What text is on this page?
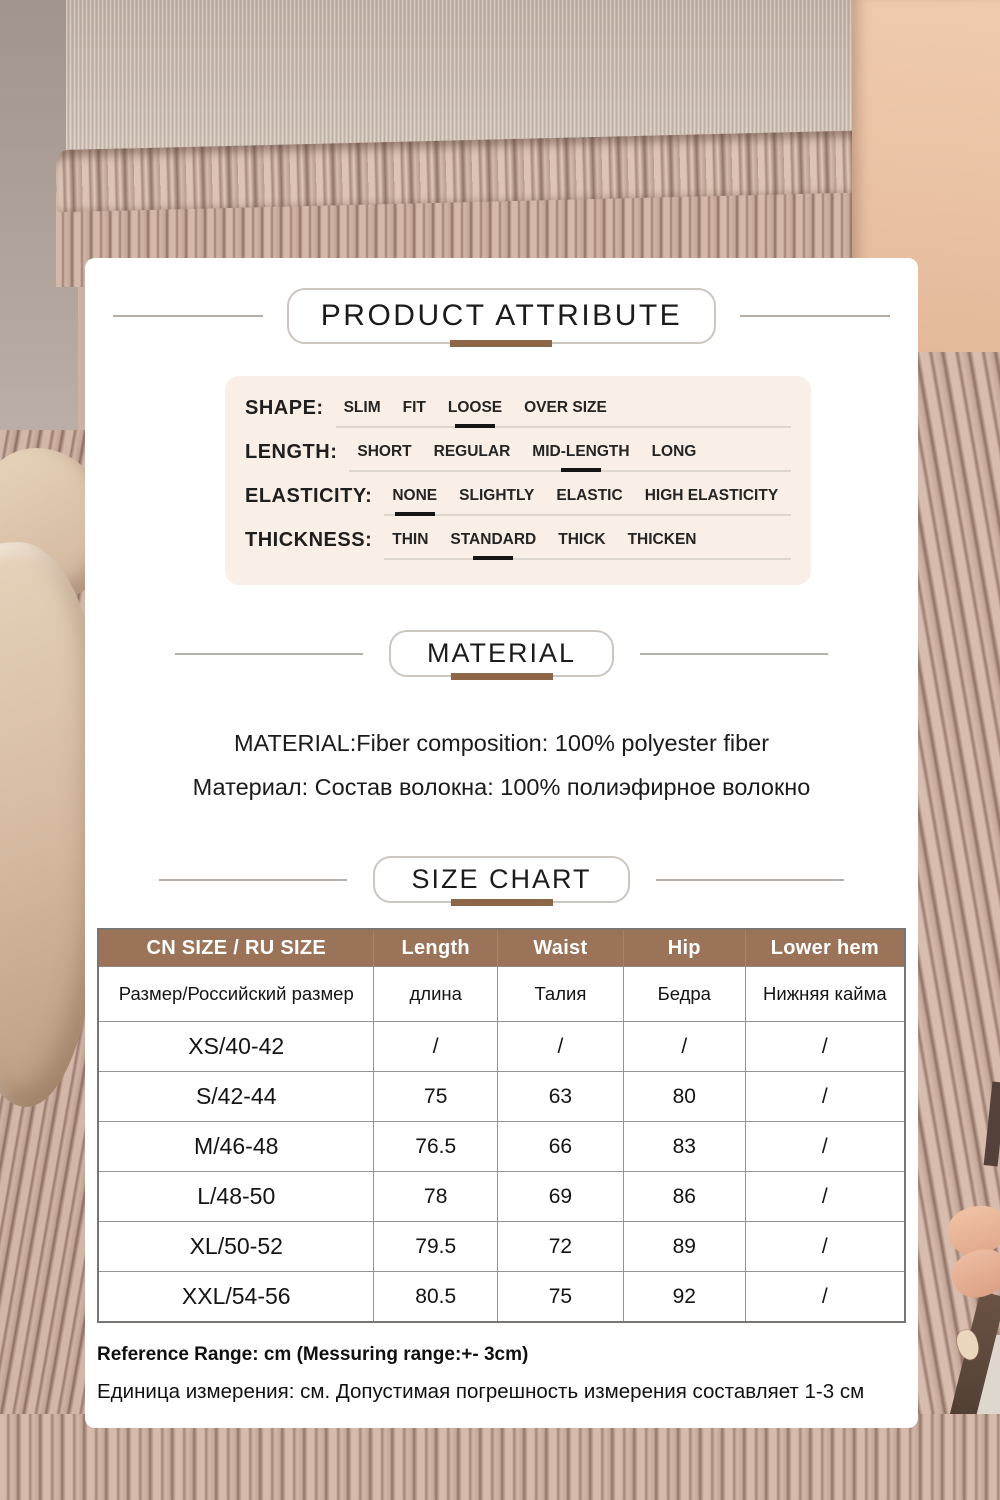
PRODUCT ATTRIBUTE
SHAPE: SLIM FIT LOOSE OVER SIZE
LENGTH: SHORT REGULAR MID-LENGTH LONG
ELASTICITY: NONE SLIGHTLY ELASTIC HIGH ELASTICITY
THICKNESS: THIN STANDARD THICK THICKEN
MATERIAL
MATERIAL:Fiber composition: 100% polyester fiber
Материал: Состав волокна: 100% полиэфирное волокно
SIZE CHART
CN SIZE / RU SIZE	Length	Waist	Hip	Lower hem
Размер/Российский размер	длина	Талия	Бедра	Нижняя кайма
XS/40-42	/	/	/	/
S/42-44	75	63	80	/
M/46-48	76.5	66	83	/
L/48-50	78	69	86	/
XL/50-52	79.5	72	89	/
XXL/54-56	80.5	75	92	/
Reference Range: cm (Messuring range:+- 3cm)
Единица измерения: см. Допустимая погрешность измерения составляет 1-3 см
